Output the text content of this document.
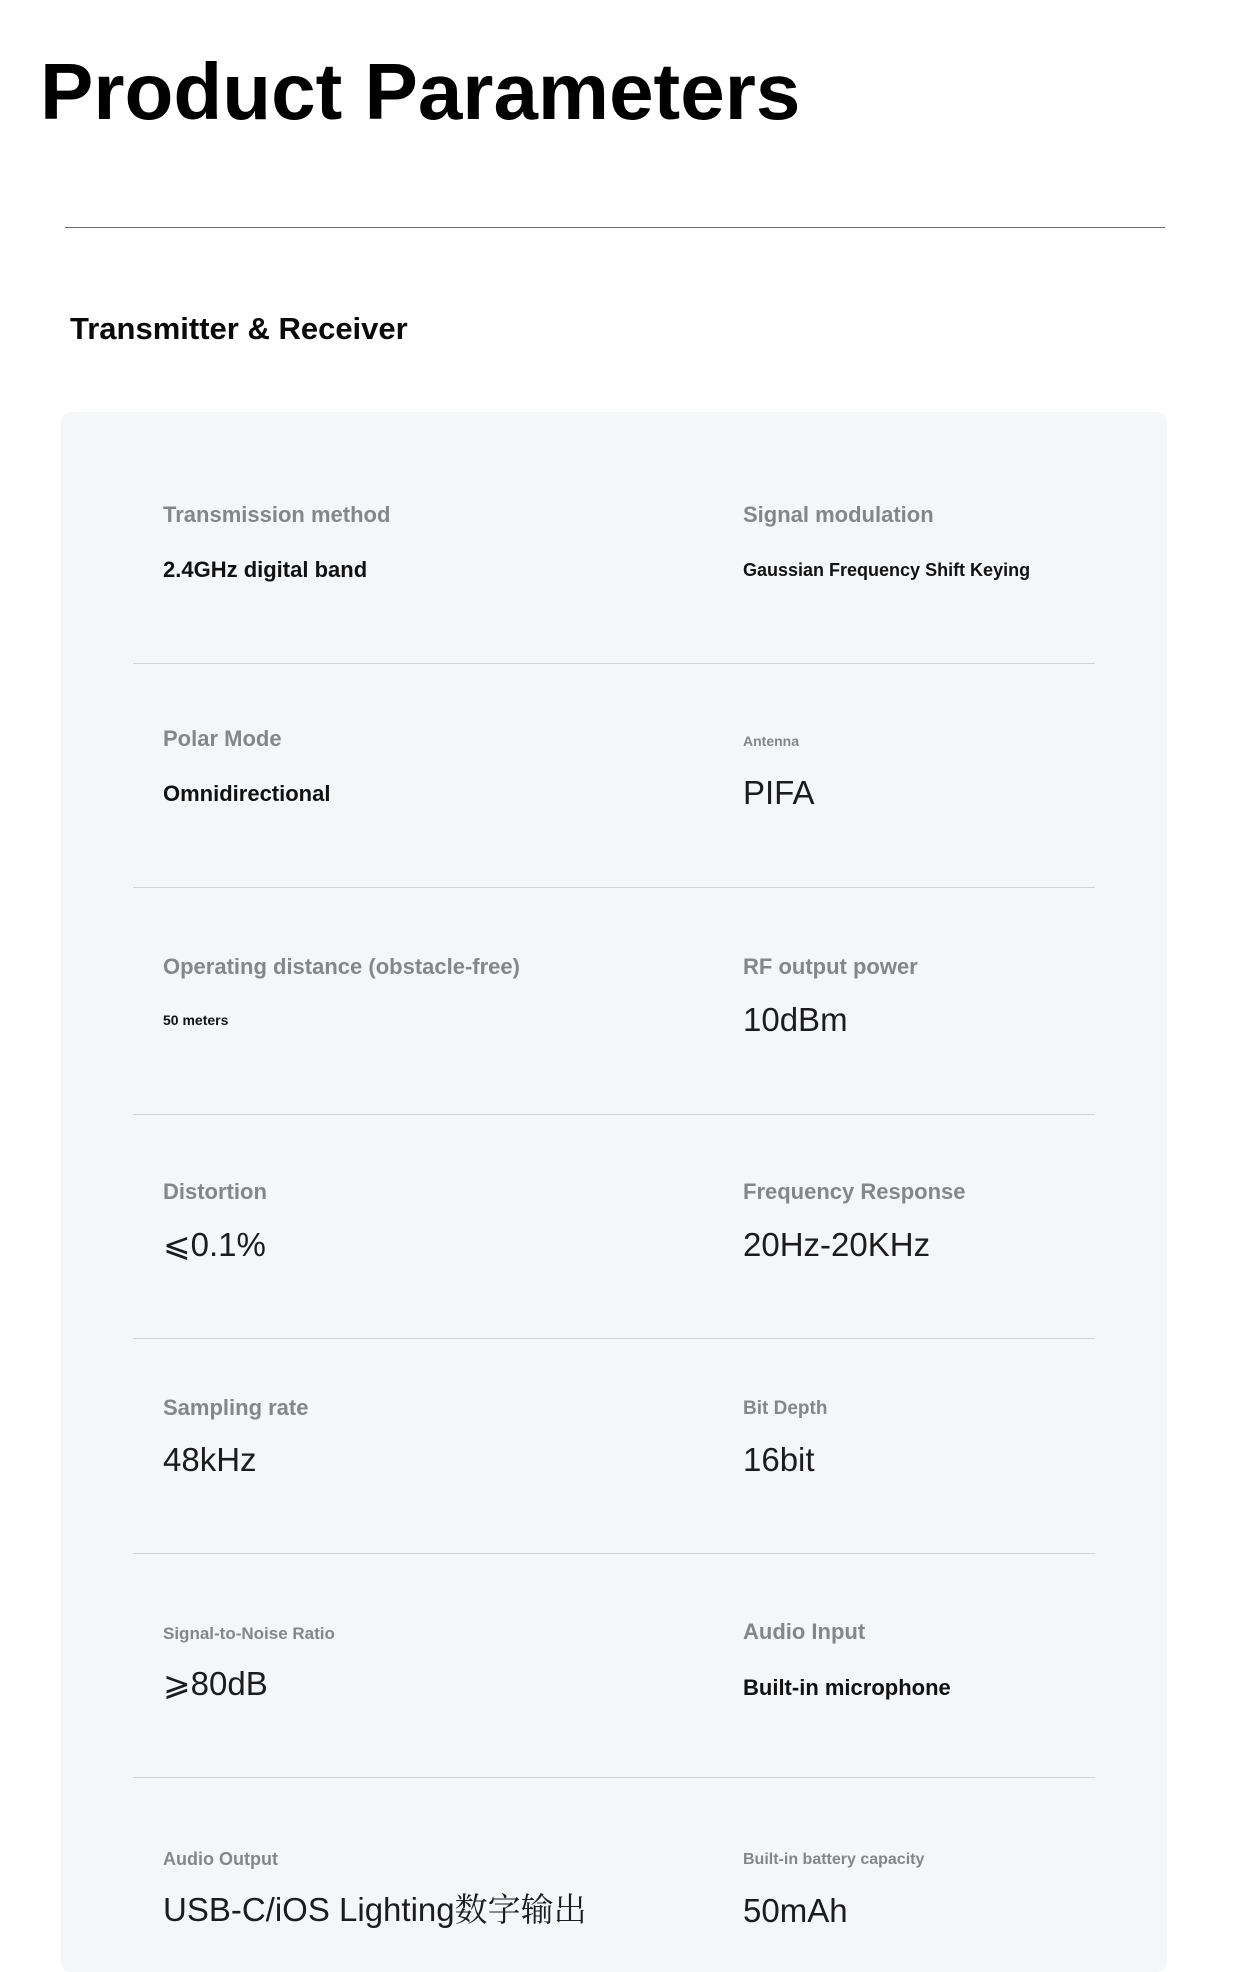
Product Parameters
Transmitter & Receiver
Transmission method
2.4GHz digital band
Signal modulation
Gaussian Frequency Shift Keying
Polar Mode
Omnidirectional
Antenna
PIFA
Operating distance (obstacle-free)
50 meters
RF output power
10dBm
Distortion
⩽0.1%
Frequency Response
20Hz-20KHz
Sampling rate
48kHz
Bit Depth
16bit
Signal-to-Noise Ratio
⩾80dB
Audio Input
Built-in microphone
Audio Output
USB-C/iOS Lighting数字输出
Built-in battery capacity
50mAh
